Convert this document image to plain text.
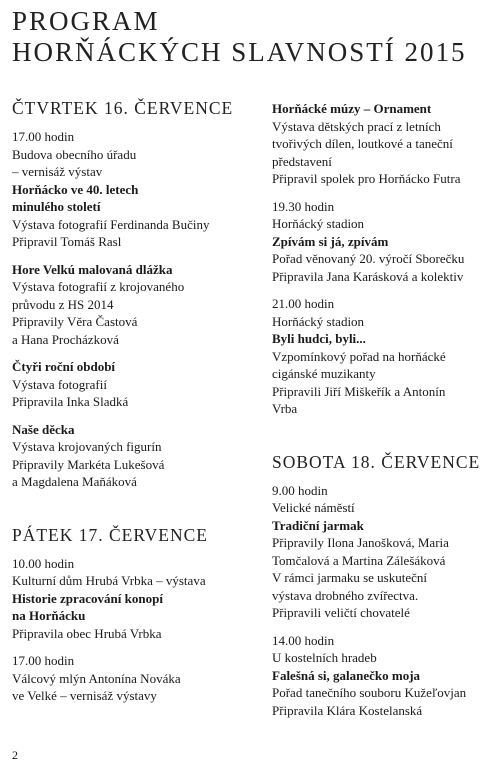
PROGRAM
HORŇÁCKÝCH SLAVNOSTÍ 2015
ČTVRTEK 16. ČERVENCE
17.00 hodin
Budova obecního úřadu
– vernisáž výstav
Horňácko ve 40. letech
minulého století
Výstava fotografií Ferdinanda Bučiny
Připravil Tomáš Rasl
Hore Velkú malovaná dlážka
Výstava fotografií z krojovaného
průvodu z HS 2014
Připravily Věra Častová
a Hana Procházková
Čtyři roční období
Výstava fotografií
Připravila Inka Sladká
Naše děcka
Výstava krojovaných figurín
Připravily Markéta Lukešová
a Magdalena Maňáková
PÁTEK 17. ČERVENCE
10.00 hodin
Kulturní dům Hrubá Vrbka – výstava
Historie zpracování konopí
na Horňácku
Připravila obec Hrubá Vrbka
17.00 hodin
Válcový mlýn Antonína Nováka
ve Velké – vernisáž výstavy
Horňácké múzy – Ornament
Výstava dětských prací z letních
tvořivých dílen, loutkové a taneční
představení
Připravil spolek pro Horňácko Futra
19.30 hodin
Horňácký stadion
Zpívám si já, zpívám
Pořad věnovaný 20. výročí Sborečku
Připravila Jana Karásková a kolektiv
21.00 hodin
Horňácký stadion
Byli hudci, byli...
Vzpomínkový pořad na horňácké
cigánské muzikanty
Připravili Jiří Miškeřík a Antonín
Vrba
SOBOTA 18. ČERVENCE
9.00 hodin
Velické náměstí
Tradiční jarmak
Připravily Ilona Janošková, Maria
Tomčalová a Martina Zálešáková
V rámci jarmaku se uskuteční
výstava drobného zvířectva.
Připravili veličtí chovatelé
14.00 hodin
U kostelních hradeb
Falešná si, galanečko moja
Pořad tanečního souboru Kužeľovjan
Připravila Klára Kostelanská
2
